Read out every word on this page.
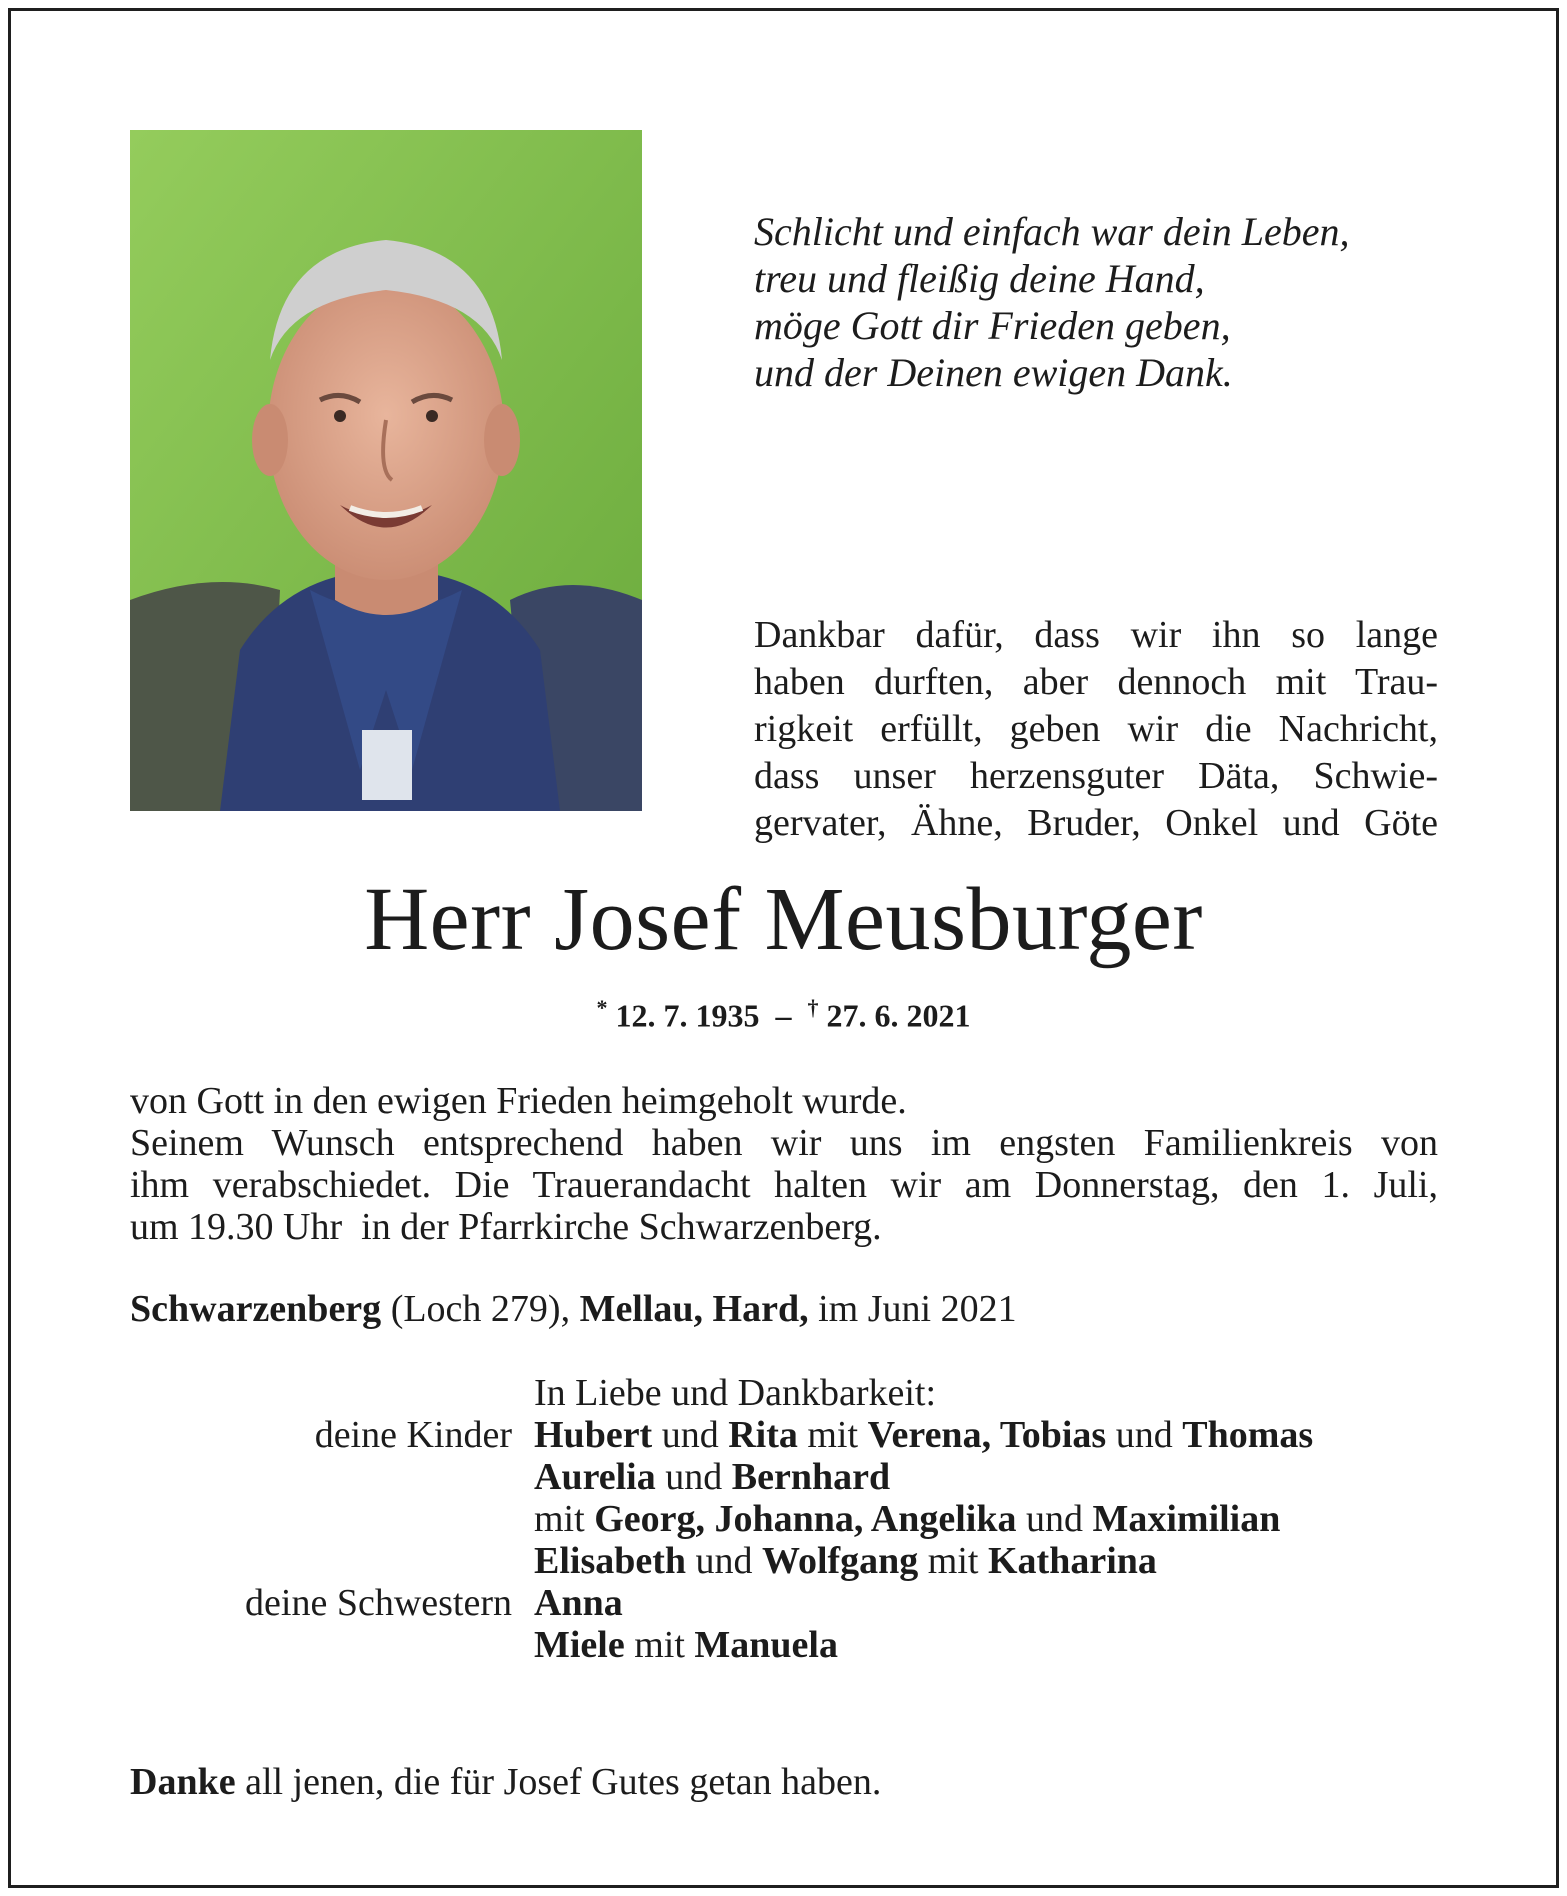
Schlicht und einfach war dein Leben,
treu und fleißig deine Hand,
möge Gott dir Frieden geben,
und der Deinen ewigen Dank.
Dankbar dafür, dass wir ihn so lange
haben durften, aber dennoch mit Trau-
rigkeit erfüllt, geben wir die Nachricht,
dass unser herzensguter Däta, Schwie-
gervater, Ähne, Bruder, Onkel und Göte
Herr Josef Meusburger
* 12. 7. 1935  –  † 27. 6. 2021
von Gott in den ewigen Frieden heimgeholt wurde.
Seinem Wunsch entsprechend haben wir uns im engsten Familienkreis von
ihm verabschiedet. Die Trauerandacht halten wir am Donnerstag, den 1. Juli,
um 19.30 Uhr  in der Pfarrkirche Schwarzenberg.
Schwarzenberg (Loch 279), Mellau, Hard, im Juni 2021
In Liebe und Dankbarkeit:
deine Kinder Hubert und Rita mit Verena, Tobias und Thomas
Aurelia und Bernhard
mit Georg, Johanna, Angelika und Maximilian
Elisabeth und Wolfgang mit Katharina
deine Schwestern Anna
Miele mit Manuela
Danke all jenen, die für Josef Gutes getan haben.
